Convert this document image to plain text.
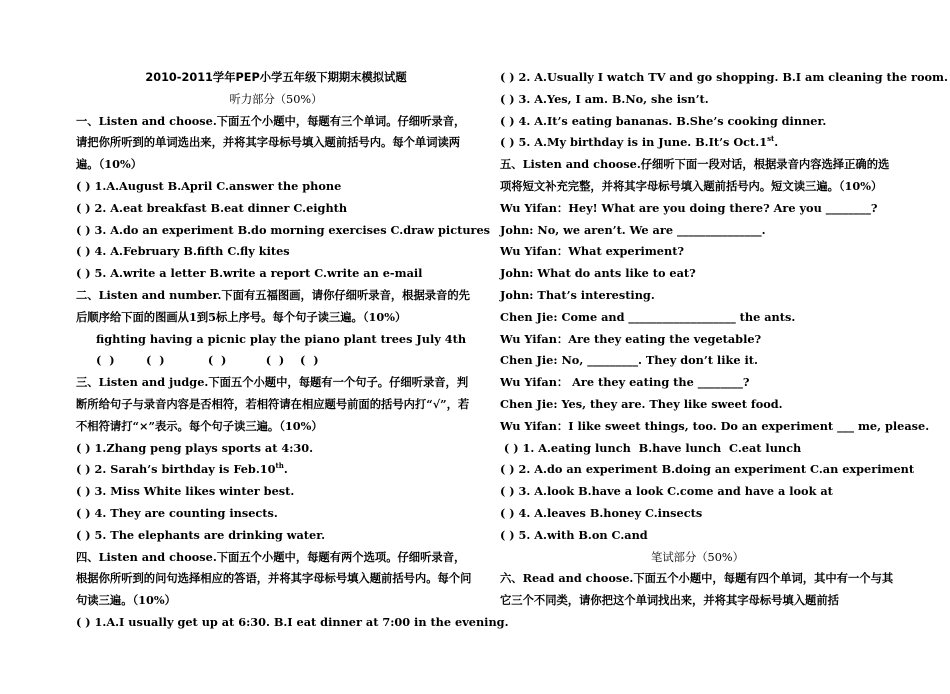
2010-2011学年PEP小学五年级下期期末模拟试题
听力部分（50%）
一、Listen and choose.下面五个小题中，每题有三个单词。仔细听录音，请把你所听到的单词选出来，并将其字母标号填入题前括号内。每个单词读两遍。（10%）
( ) 1.A.August B.April C.answer the phone
( ) 2. A.eat breakfast B.eat dinner C.eighth
( ) 3. A.do an experiment B.do morning exercises C.draw pictures
( ) 4. A.February B.fifth C.fly kites
( ) 5. A.write a letter B.write a report C.write an e-mail
二、Listen and number.下面有五福图画，请你仔细听录音，根据录音的先后顺序给下面的图画从1到5标上序号。每个句子读三遍。（10%）
fighting having a picnic play the piano plant trees July 4th
(  )        (  )           (  )          (  )    (  )
三、Listen and judge.下面五个小题中，每题有一个句子。仔细听录音，判断所给句子与录音内容是否相符，若相符请在相应题号前面的括号内打“√”，若不相符请打“×”表示。每个句子读三遍。（10%）
( ) 1.Zhang peng plays sports at 4:30.
( ) 2. Sarah’s birthday is Feb.10th.
( ) 3. Miss White likes winter best.
( ) 4. They are counting insects.
( ) 5. The elephants are drinking water.
四、Listen and choose.下面五个小题中，每题有两个选项。仔细听录音，根据你所听到的问句选择相应的答语，并将其字母标号填入题前括号内。每个问句读三遍。（10%）
( ) 1.A.I usually get up at 6:30. B.I eat dinner at 7:00 in the evening.
( ) 2. A.Usually I watch TV and go shopping. B.I am cleaning the room.
( ) 3. A.Yes, I am. B.No, she isn’t.
( ) 4. A.It’s eating bananas. B.She’s cooking dinner.
( ) 5. A.My birthday is in June. B.It’s Oct.1st.
五、Listen and choose.仔细听下面一段对话，根据录音内容选择正确的选项将短文补充完整，并将其字母标号填入题前括号内。短文读三遍。（10%）
Wu Yifan：Hey! What are you doing there? Are you ________?
John: No, we aren’t. We are _______________.
Wu Yifan：What experiment?
John: What do ants like to eat?
John: That’s interesting.
Chen Jie: Come and ___________________ the ants.
Wu Yifan：Are they eating the vegetable?
Chen Jie: No, _________. They don’t like it.
Wu Yifan： Are they eating the ________?
Chen Jie: Yes, they are. They like sweet food.
Wu Yifan：I like sweet things, too. Do an experiment ___ me, please.
( ) 1. A.eating lunch  B.have lunch  C.eat lunch
( ) 2. A.do an experiment B.doing an experiment C.an experiment
( ) 3. A.look B.have a look C.come and have a look at
( ) 4. A.leaves B.honey C.insects
( ) 5. A.with B.on C.and
笔试部分（50%）
六、Read and choose.下面五个小题中，每题有四个单词，其中有一个与其它三个不同类，请你把这个单词找出来，并将其字母标号填入题前括
